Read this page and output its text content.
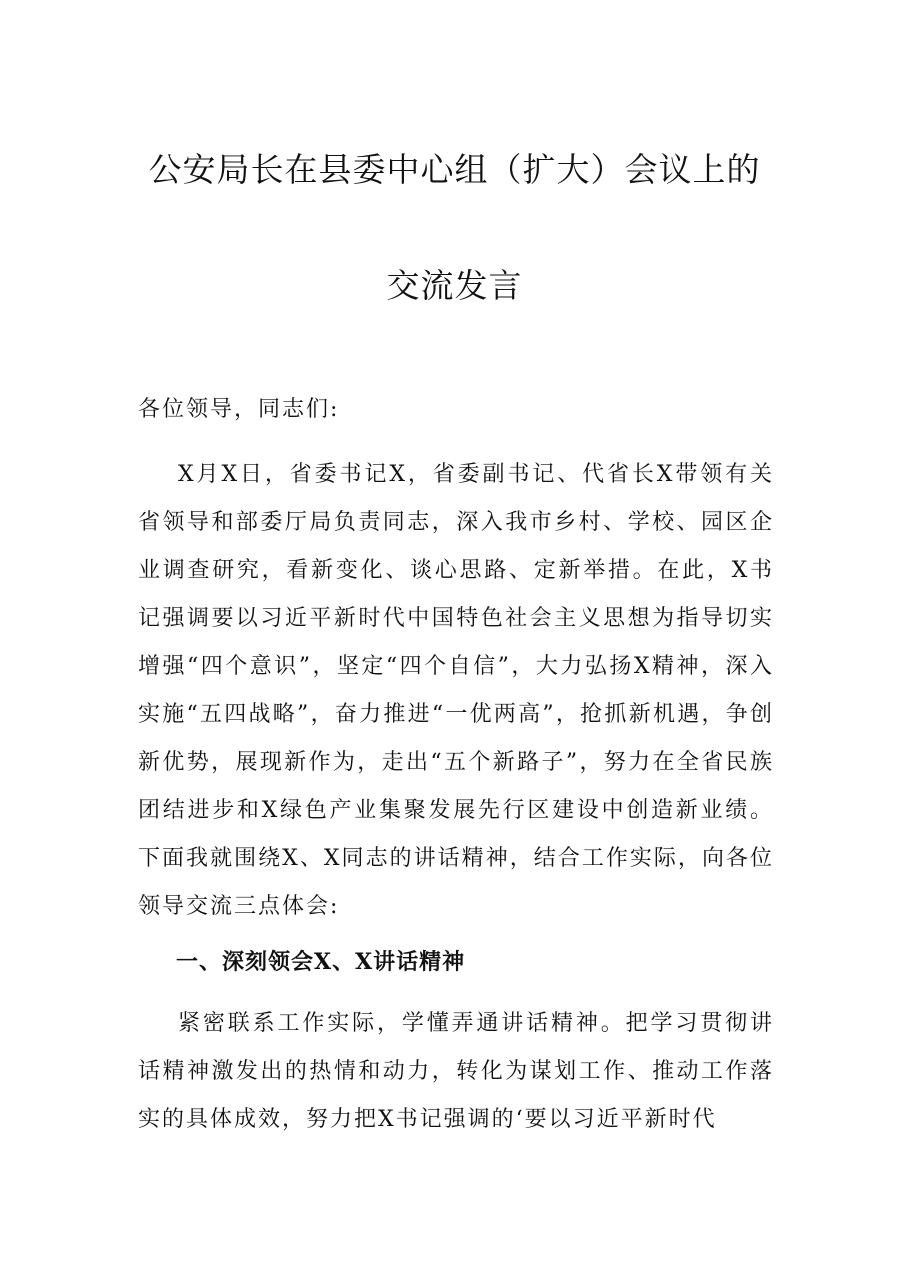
公安局长在县委中心组（扩大）会议上的
交流发言

各位领导，同志们:

X月X日，省委书记X，省委副书记、代省长X带领有关省领导和部委厅局负责同志，深入我市乡村、学校、园区企业调查研究，看新变化、谈心思路、定新举措。在此，X书记强调要以习近平新时代中国特色社会主义思想为指导切实增强“四个意识”，坚定“四个自信”，大力弘扬X精神，深入实施“五四战略”，奋力推进“一优两高”，抢抓新机遇，争创新优势，展现新作为，走出“五个新路子”，努力在全省民族团结进步和X绿色产业集聚发展先行区建设中创造新业绩。下面我就围绕X、X同志的讲话精神，结合工作实际，向各位领导交流三点体会:

一、深刻领会X、X讲话精神

紧密联系工作实际，学懂弄通讲话精神。把学习贯彻讲话精神激发出的热情和动力，转化为谋划工作、推动工作落实的具体成效，努力把X书记强调的‘要以习近平新时代
